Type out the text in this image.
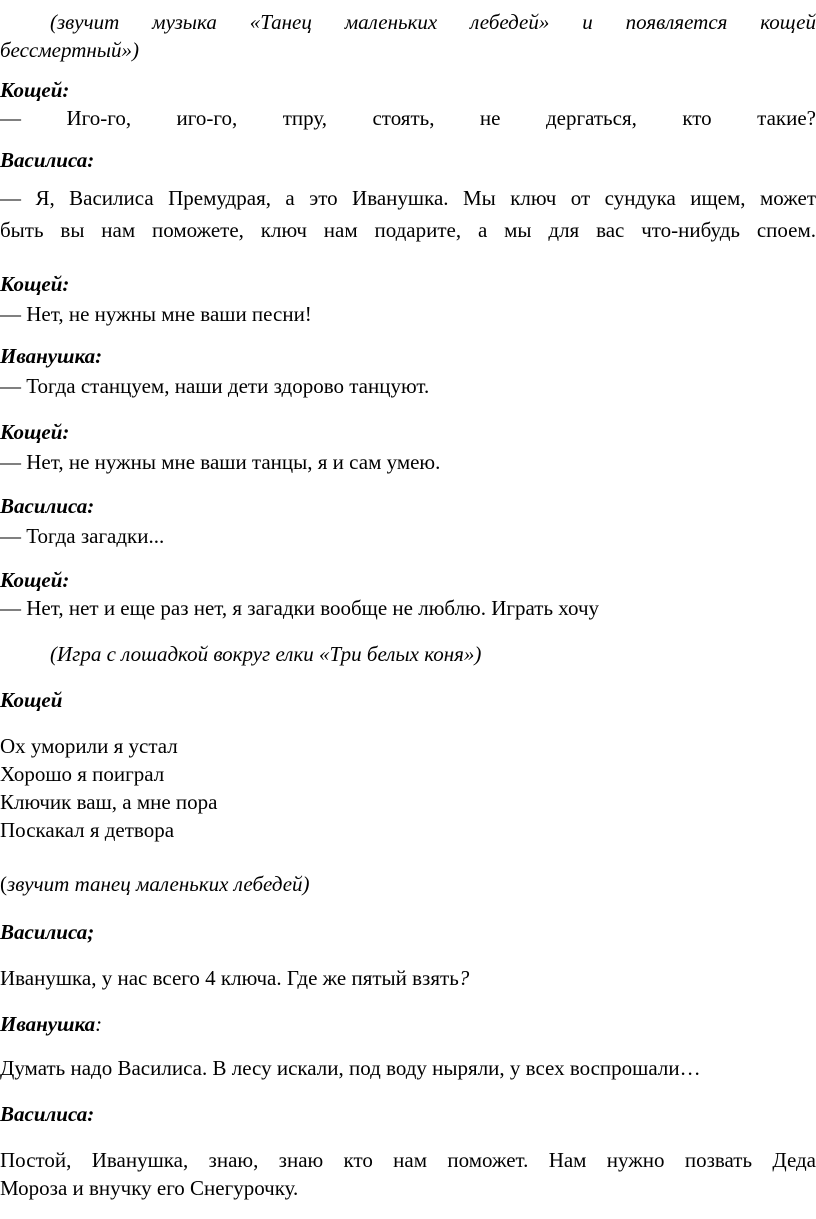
(звучит музыка «Танец маленьких лебедей» и появляется кощей
бессмертный»)
Кощей:
— Иго-го, иго-го, тпру, стоять, не дергаться, кто такие?
Василиса:
— Я, Василиса Премудрая, а это Иванушка. Мы ключ от сундука ищем, может
быть вы нам поможете, ключ нам подарите, а мы для вас что-нибудь споем.
Кощей:
— Нет, не нужны мне ваши песни!
Иванушка:
— Тогда станцуем, наши дети здорово танцуют.
Кощей:
— Нет, не нужны мне ваши танцы, я и сам умею.
Василиса:
— Тогда загадки...
Кощей:
— Нет, нет и еще раз нет, я загадки вообще не люблю. Играть хочу
(Игра с лошадкой вокруг елки «Три белых коня»)
Кощей
Ох уморили я устал
Хорошо я поиграл
Ключик ваш, а мне пора
Поскакал я детвора
(звучит танец маленьких лебедей)
Василиса;
Иванушка, у нас всего 4 ключа. Где же пятый взять?
Иванушка:
Думать надо Василиса. В лесу искали, под воду ныряли, у всех воспрошали…
Василиса:
Постой, Иванушка, знаю, знаю кто нам поможет. Нам нужно позвать Деда
Мороза и внучку его Снегурочку.
